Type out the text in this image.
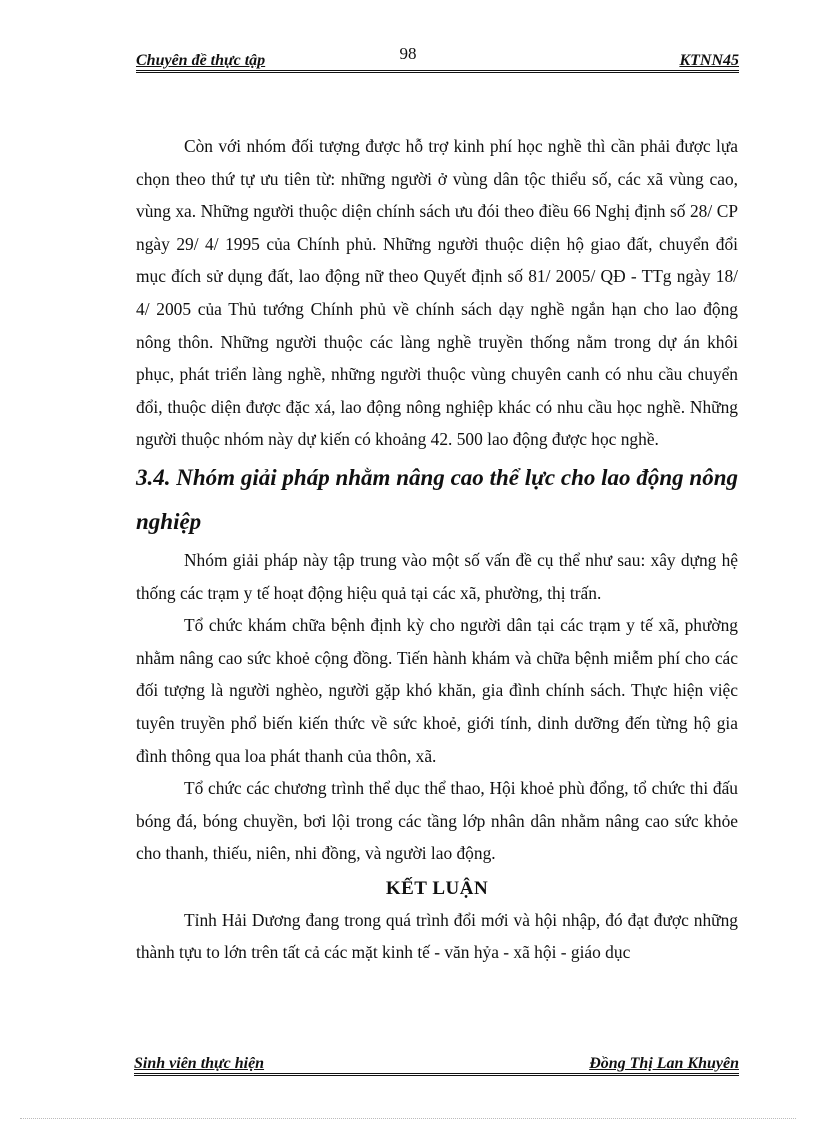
98
Chuyên đề thực tập	KTNN45

Còn với nhóm đối tượng được hỗ trợ kinh phí học nghề thì cần phải được lựa chọn theo thứ tự ưu tiên từ: những người ở vùng dân tộc thiểu số, các xã vùng cao, vùng xa. Những người thuộc diện chính sách ưu đói theo điều 66 Nghị định số 28/ CP ngày 29/ 4/ 1995 của Chính phủ. Những người thuộc diện hộ giao đất, chuyển đổi mục đích sử dụng đất, lao động nữ theo Quyết định số 81/ 2005/ QĐ - TTg ngày 18/ 4/ 2005 của Thủ tướng Chính phủ về chính sách dạy nghề ngắn hạn cho lao động nông thôn. Những người thuộc các làng nghề truyền thống nằm trong dự án khôi phục, phát triển làng nghề, những người thuộc vùng chuyên canh có nhu cầu chuyển đổi, thuộc diện được đặc xá, lao động nông nghiệp khác có nhu cầu học nghề. Những người thuộc nhóm này dự kiến có khoảng 42. 500 lao động được học nghề.

3.4. Nhóm giải pháp nhằm nâng cao thể lực cho lao động nông nghiệp

Nhóm giải pháp này tập trung vào một số vấn đề cụ thể như sau: xây dựng hệ thống các trạm y tế hoạt động hiệu quả tại các xã, phường, thị trấn.

Tổ chức khám chữa bệnh định kỳ cho người dân tại các trạm y tế xã, phường nhằm nâng cao sức khoẻ cộng đồng. Tiến hành khám và chữa bệnh miễm phí cho các đối tượng là người nghèo, người gặp khó khăn, gia đình chính sách. Thực hiện việc tuyên truyền phổ biến kiến thức về sức khoẻ, giới tính, dinh dưỡng đến từng hộ gia đình thông qua loa phát thanh của thôn, xã.

Tổ chức các chương trình thể dục thể thao, Hội khoẻ phù đổng, tổ chức thi đấu bóng đá, bóng chuyền, bơi lội trong các tầng lớp nhân dân nhằm nâng cao sức khỏe cho thanh, thiếu, niên, nhi đồng, và người lao động.

KẾT LUẬN

Tỉnh Hải Dương đang trong quá trình đổi mới và hội nhập, đó đạt được những thành tựu to lớn trên tất cả các mặt kinh tế - văn hỷa - xã hội - giáo dục

Sinh viên thực hiện	Đồng Thị Lan Khuyên
